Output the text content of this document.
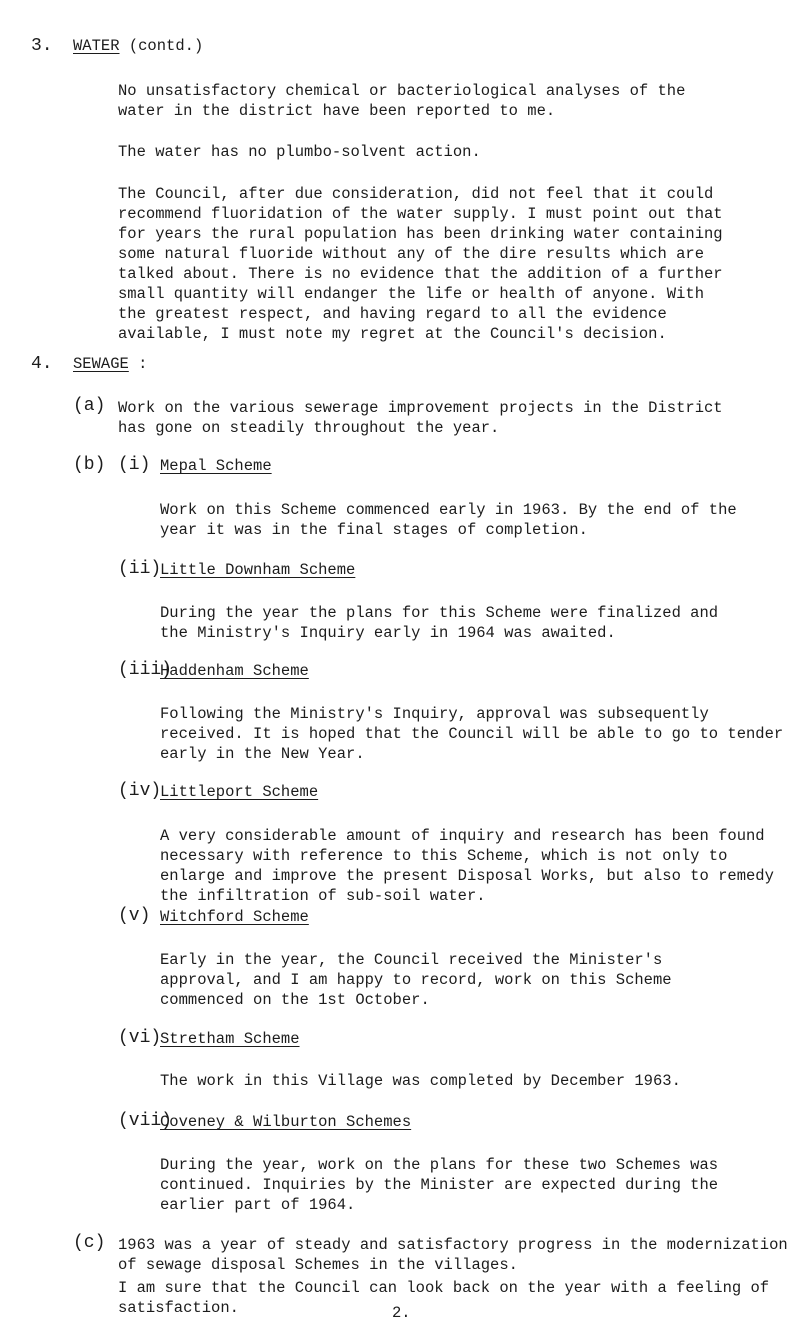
3. WATER (contd.)

No unsatisfactory chemical or bacteriological analyses of the water in the district have been reported to me.

The water has no plumbo-solvent action.

The Council, after due consideration, did not feel that it could recommend fluoridation of the water supply. I must point out that for years the rural population has been drinking water containing some natural fluoride without any of the dire results which are talked about. There is no evidence that the addition of a further small quantity will endanger the life or health of anyone. With the greatest respect, and having regard to all the evidence available, I must note my regret at the Council's decision.

4. SEWAGE :
(a) Work on the various sewerage improvement projects in the District has gone on steadily throughout the year.

(b) (i) Mepal Scheme

Work on this Scheme commenced early in 1963. By the end of the year it was in the final stages of completion.

(ii)
Little Downham Scheme

During the year the plans for this Scheme were finalized and the Ministry's Inquiry early in 1964 was awaited.

(iii)
Haddenham Scheme

Following the Ministry's Inquiry, approval was subsequently received. It is hoped that the Council will be able to go to tender early in the New Year.

(iv)
Littleport Scheme

A very considerable amount of inquiry and research has been found necessary with reference to this Scheme, which is not only to enlarge and improve the present Disposal Works, but also to remedy the infiltration of sub-soil water.

(v) Witchford Scheme

Early in the year, the Council received the Minister's approval, and I am happy to record, work on this Scheme commenced on the 1st October.

(vi)
Stretham Scheme

The work in this Village was completed by December 1963.

(vii)
Coveney & Wilburton Schemes

During the year, work on the plans for these two Schemes was continued. Inquiries by the Minister are expected during the earlier part of 1964.

(c) 1963 was a year of steady and satisfactory progress in the modernization of sewage disposal Schemes in the villages.

I am sure that the Council can look back on the year with a feeling of satisfaction.	2.
